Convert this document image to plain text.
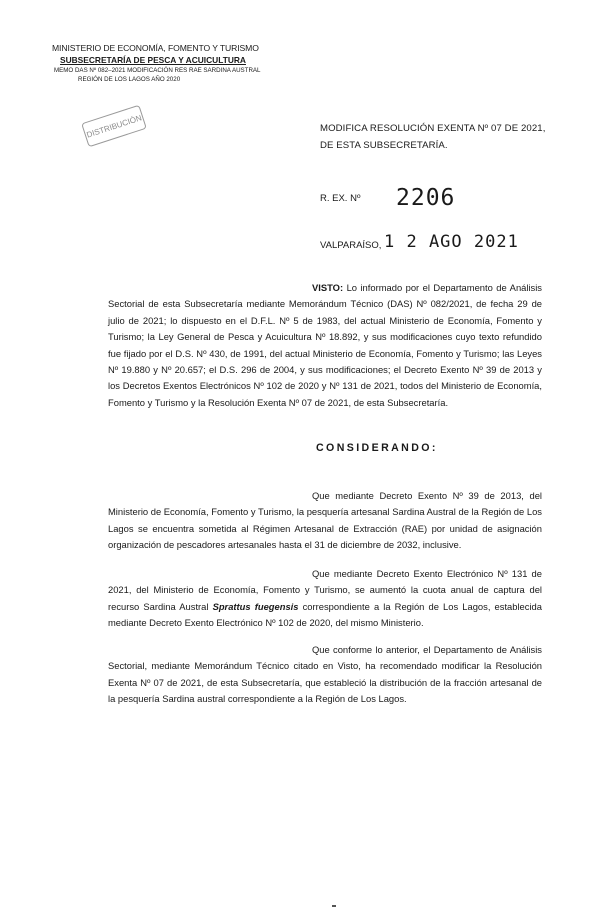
MINISTERIO DE ECONOMÍA, FOMENTO Y TURISMO
SUBSECRETARÍA DE PESCA Y ACUICULTURA
MEMO DAS Nº 082–2021 MODIFICACIÓN RES RAE SARDINA AUSTRAL
REGIÓN DE LOS LAGOS AÑO 2020
DISTRIBUCIÓN	MODIFICA RESOLUCIÓN EXENTA Nº 07 DE 2021, DE ESTA SUBSECRETARÍA.
R. EX. Nº 2206
VALPARAÍSO, 1 2 AGO 2021
VISTO: Lo informado por el Departamento de Análisis Sectorial de esta Subsecretaría mediante Memorándum Técnico (DAS) Nº 082/2021, de fecha 29 de julio de 2021; lo dispuesto en el D.F.L. Nº 5 de 1983, del actual Ministerio de Economía, Fomento y Turismo; la Ley General de Pesca y Acuicultura Nº 18.892, y sus modificaciones cuyo texto refundido fue fijado por el D.S. Nº 430, de 1991, del actual Ministerio de Economía, Fomento y Turismo; las Leyes Nº 19.880 y Nº 20.657; el D.S. 296 de 2004, y sus modificaciones; el Decreto Exento Nº 39 de 2013 y los Decretos Exentos Electrónicos Nº 102 de 2020 y Nº 131 de 2021, todos del Ministerio de Economía, Fomento y Turismo y la Resolución Exenta Nº 07 de 2021, de esta Subsecretaría.
CONSIDERANDO:
Que mediante Decreto Exento Nº 39 de 2013, del Ministerio de Economía, Fomento y Turismo, la pesquería artesanal Sardina Austral de la Región de Los Lagos se encuentra sometida al Régimen Artesanal de Extracción (RAE) por unidad de asignación organización de pescadores artesanales hasta el 31 de diciembre de 2032, inclusive.
Que mediante Decreto Exento Electrónico Nº 131 de 2021, del Ministerio de Economía, Fomento y Turismo, se aumentó la cuota anual de captura del recurso Sardina Austral Sprattus fuegensis correspondiente a la Región de Los Lagos, establecida mediante Decreto Exento Electrónico Nº 102 de 2020, del mismo Ministerio.
Que conforme lo anterior, el Departamento de Análisis Sectorial, mediante Memorándum Técnico citado en Visto, ha recomendado modificar la Resolución Exenta Nº 07 de 2021, de esta Subsecretaría, que estableció la distribución de la fracción artesanal de la pesquería Sardina austral correspondiente a la Región de Los Lagos.
